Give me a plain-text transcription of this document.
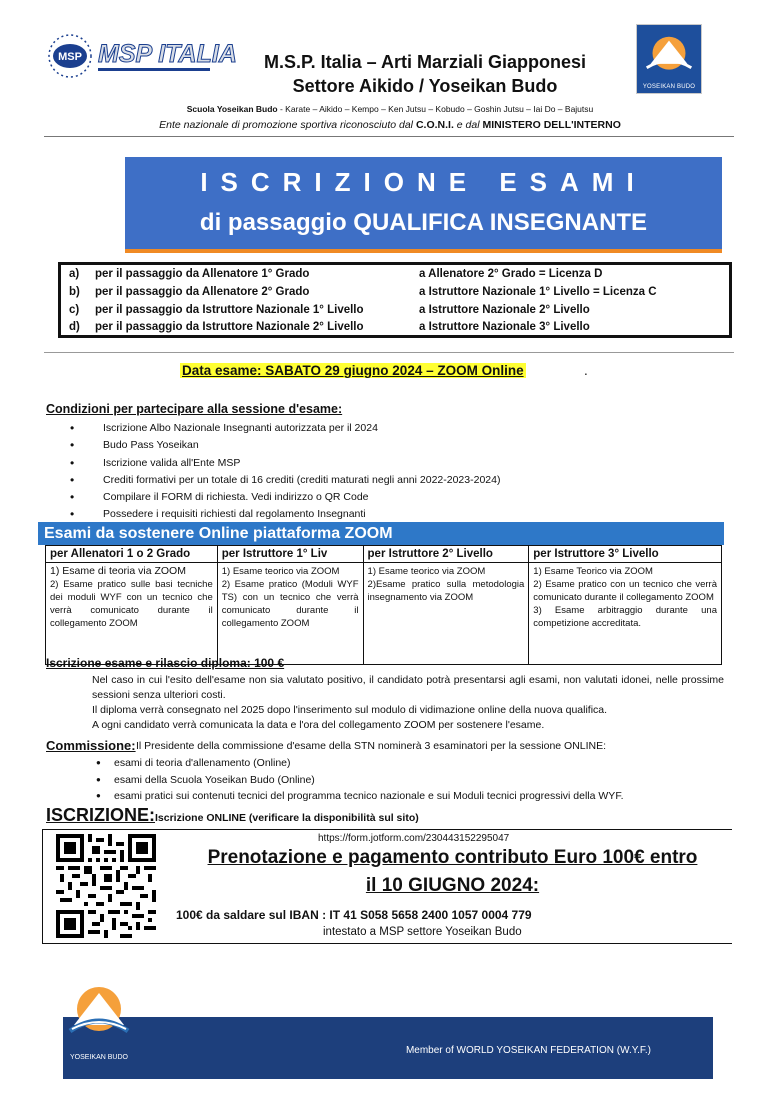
MSP MSP ITALIA	M.S.P. Italia – Arti Marziali Giapponesi
Settore Aikido / Yoseikan Budo	YOSEIKAN BUDO
Scuola Yoseikan Budo - Karate – Aikido – Kempo – Ken Jutsu – Kobudo – Goshin Jutsu – Iai Do – Bajutsu
Ente nazionale di promozione sportiva riconosciuto dal C.O.N.I. e dal MINISTERO DELL'INTERNO
ISCRIZIONE ESAMI
di passaggio QUALIFICA INSEGNANTE
a)	per il passaggio da Allenatore 1° Grado	a Allenatore 2° Grado = Licenza D
b)	per il passaggio da Allenatore 2° Grado	a Istruttore Nazionale 1° Livello = Licenza C
c)	per il passaggio da Istruttore Nazionale 1° Livello	a Istruttore Nazionale 2° Livello
d)	per il passaggio da Istruttore Nazionale 2° Livello	a Istruttore Nazionale 3° Livello
Data esame: SABATO 29 giugno 2024 – ZOOM Online	.
Condizioni per partecipare alla sessione d'esame:
• Iscrizione Albo Nazionale Insegnanti autorizzata per il 2024
• Budo Pass Yoseikan
• Iscrizione valida all'Ente MSP
• Crediti formativi per un totale di 16 crediti (crediti maturati negli anni 2022-2023-2024)
• Compilare il FORM di richiesta. Vedi indirizzo o QR Code
• Possedere i requisiti richiesti dal regolamento Insegnanti
Esami da sostenere Online piattaforma ZOOM
per Allenatori 1 o 2 Grado	per Istruttore 1° Liv	per Istruttore 2° Livello	per Istruttore 3° Livello

1) Esame di teoria via ZOOM
2) Esame pratico sulle basi tecniche dei moduli WYF con un tecnico che verrà comunicato durante il collegamento ZOOM	1) Esame teorico via ZOOM
2) Esame pratico (Moduli WYF TS) con un tecnico che verrà comunicato durante il collegamento ZOOM	1) Esame teorico via ZOOM
2)Esame pratico sulla metodologia insegnamento via ZOOM	1) Esame Teorico via ZOOM
2) Esame pratico con un tecnico che verrà comunicato durante il collegamento ZOOM
3) Esame arbitraggio durante una competizione accreditata.
Iscrizione esame e rilascio diploma: 100 €
Nel caso in cui l'esito dell'esame non sia valutato positivo, il candidato potrà presentarsi agli esami, non valutati idonei, nelle prossime sessioni senza ulteriori costi.
Il diploma verrà consegnato nel 2025 dopo l'inserimento sul modulo di vidimazione online della nuova qualifica.
A ogni candidato verrà comunicata la data e l'ora del collegamento ZOOM per sostenere l'esame.
Commissione: Il Presidente della commissione d'esame della STN nominerà 3 esaminatori per la sessione ONLINE:
● esami di teoria d'allenamento (Online)
● esami della Scuola Yoseikan Budo (Online)
● esami pratici sui contenuti tecnici del programma tecnico nazionale e sui Moduli tecnici progressivi della WYF.
ISCRIZIONE: Iscrizione ONLINE (verificare la disponibilità sul sito)
https://form.jotform.com/230443152295047
Prenotazione e pagamento contributo Euro 100€ entro
il 10 GIUGNO 2024:
100€ da saldare sul IBAN : IT 41 S058 5658 2400 1057 0004 779
intestato a MSP settore Yoseikan Budo
Member of WORLD YOSEIKAN FEDERATION (W.Y.F.)
YOSEIKAN BUDO
